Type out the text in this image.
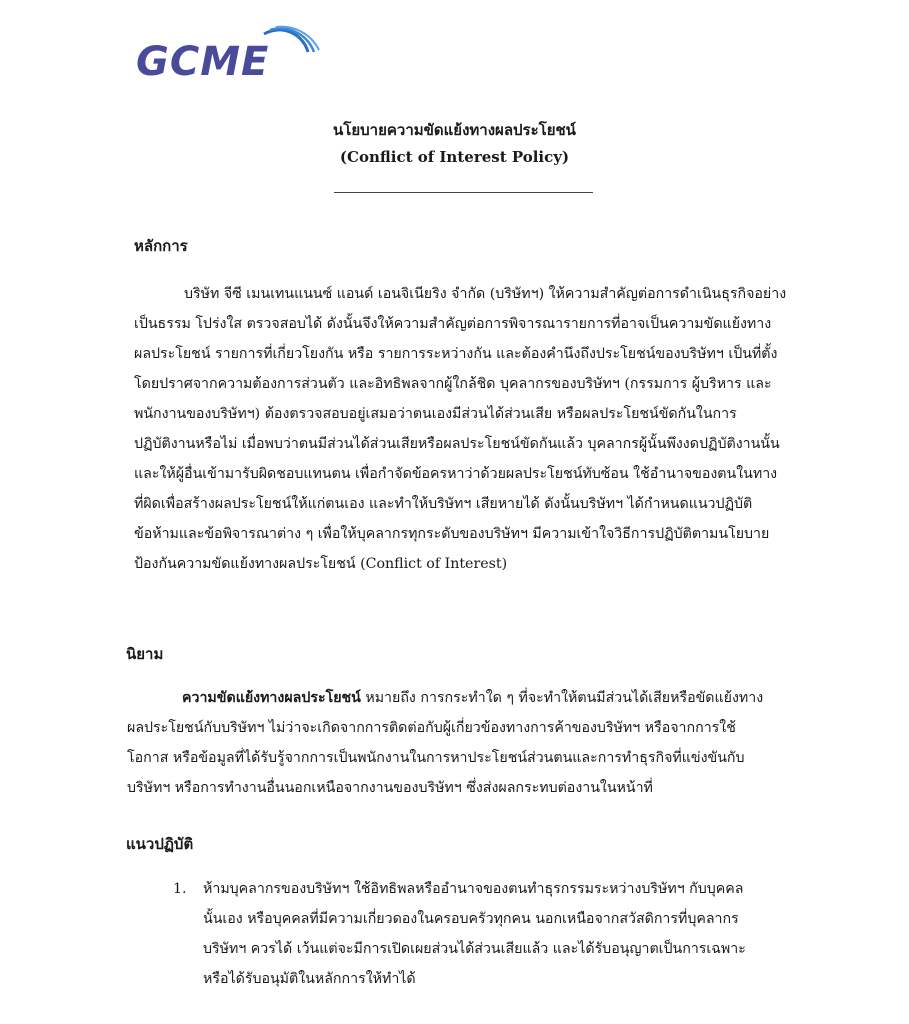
GCME
นโยบายความขัดแย้งทางผลประโยชน์
(Conflict of Interest Policy)
หลักการ
บริษัท จีซี เมนเทนแนนซ์ แอนด์ เอนจิเนียริง จำกัด (บริษัทฯ) ให้ความสำคัญต่อการดำเนินธุรกิจอย่าง
เป็นธรรม โปร่งใส ตรวจสอบได้ ดังนั้นจึงให้ความสำคัญต่อการพิจารณารายการที่อาจเป็นความขัดแย้งทาง
ผลประโยชน์ รายการที่เกี่ยวโยงกัน หรือ รายการระหว่างกัน และต้องคำนึงถึงประโยชน์ของบริษัทฯ เป็นที่ตั้ง
โดยปราศจากความต้องการส่วนตัว และอิทธิพลจากผู้ใกล้ชิด บุคลากรของบริษัทฯ (กรรมการ ผู้บริหาร และ
พนักงานของบริษัทฯ) ต้องตรวจสอบอยู่เสมอว่าตนเองมีส่วนได้ส่วนเสีย หรือผลประโยชน์ขัดกันในการ
ปฏิบัติงานหรือไม่ เมื่อพบว่าตนมีส่วนได้ส่วนเสียหรือผลประโยชน์ขัดกันแล้ว บุคลากรผู้นั้นพึงงดปฏิบัติงานนั้น
และให้ผู้อื่นเข้ามารับผิดชอบแทนตน เพื่อกำจัดข้อครหาว่าด้วยผลประโยชน์ทับซ้อน ใช้อำนาจของตนในทาง
ที่ผิดเพื่อสร้างผลประโยชน์ให้แก่ตนเอง และทำให้บริษัทฯ เสียหายได้ ดังนั้นบริษัทฯ ได้กำหนดแนวปฏิบัติ
ข้อห้ามและข้อพิจารณาต่าง ๆ เพื่อให้บุคลากรทุกระดับของบริษัทฯ มีความเข้าใจวิธีการปฏิบัติตามนโยบาย
ป้องกันความขัดแย้งทางผลประโยชน์ (Conflict of Interest)
นิยาม
ความขัดแย้งทางผลประโยชน์ หมายถึง การกระทำใด ๆ ที่จะทำให้ตนมีส่วนได้เสียหรือขัดแย้งทาง
ผลประโยชน์กับบริษัทฯ ไม่ว่าจะเกิดจากการติดต่อกับผู้เกี่ยวข้องทางการค้าของบริษัทฯ หรือจากการใช้
โอกาส หรือข้อมูลที่ได้รับรู้จากการเป็นพนักงานในการหาประโยชน์ส่วนตนและการทำธุรกิจที่แข่งขันกับ
บริษัทฯ หรือการทำงานอื่นนอกเหนือจากงานของบริษัทฯ ซึ่งส่งผลกระทบต่องานในหน้าที่
แนวปฏิบัติ
1. ห้ามบุคลากรของบริษัทฯ ใช้อิทธิพลหรืออำนาจของตนทำธุรกรรมระหว่างบริษัทฯ กับบุคคล
นั้นเอง หรือบุคคลที่มีความเกี่ยวดองในครอบครัวทุกคน นอกเหนือจากสวัสดิการที่บุคลากร
บริษัทฯ ควรได้ เว้นแต่จะมีการเปิดเผยส่วนได้ส่วนเสียแล้ว และได้รับอนุญาตเป็นการเฉพาะ
หรือได้รับอนุมัติในหลักการให้ทำได้
